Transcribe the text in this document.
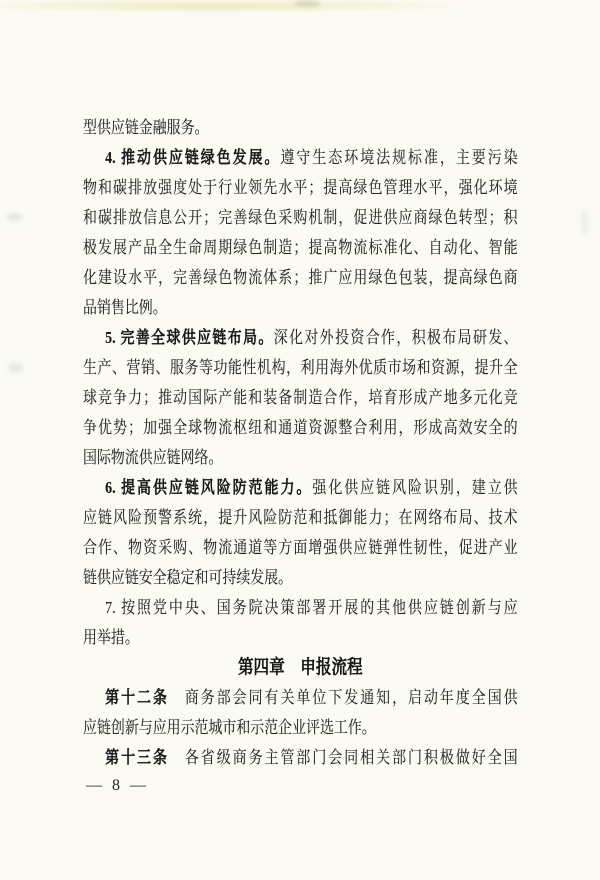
型供应链金融服务。
4. 推动供应链绿色发展。遵守生态环境法规标准，主要污染
物和碳排放强度处于行业领先水平；提高绿色管理水平，强化环境
和碳排放信息公开；完善绿色采购机制，促进供应商绿色转型；积
极发展产品全生命周期绿色制造；提高物流标准化、自动化、智能
化建设水平，完善绿色物流体系；推广应用绿色包装，提高绿色商
品销售比例。
5. 完善全球供应链布局。深化对外投资合作，积极布局研发、
生产、营销、服务等功能性机构，利用海外优质市场和资源，提升全
球竞争力；推动国际产能和装备制造合作，培育形成产地多元化竞
争优势；加强全球物流枢纽和通道资源整合利用，形成高效安全的
国际物流供应链网络。
6. 提高供应链风险防范能力。强化供应链风险识别，建立供
应链风险预警系统，提升风险防范和抵御能力；在网络布局、技术
合作、物资采购、物流通道等方面增强供应链弹性韧性，促进产业
链供应链安全稳定和可持续发展。
7. 按照党中央、国务院决策部署开展的其他供应链创新与应
用举措。
第四章　申报流程
第十二条　商务部会同有关单位下发通知，启动年度全国供
应链创新与应用示范城市和示范企业评选工作。
第十三条　各省级商务主管部门会同相关部门积极做好全国
— 8 —
